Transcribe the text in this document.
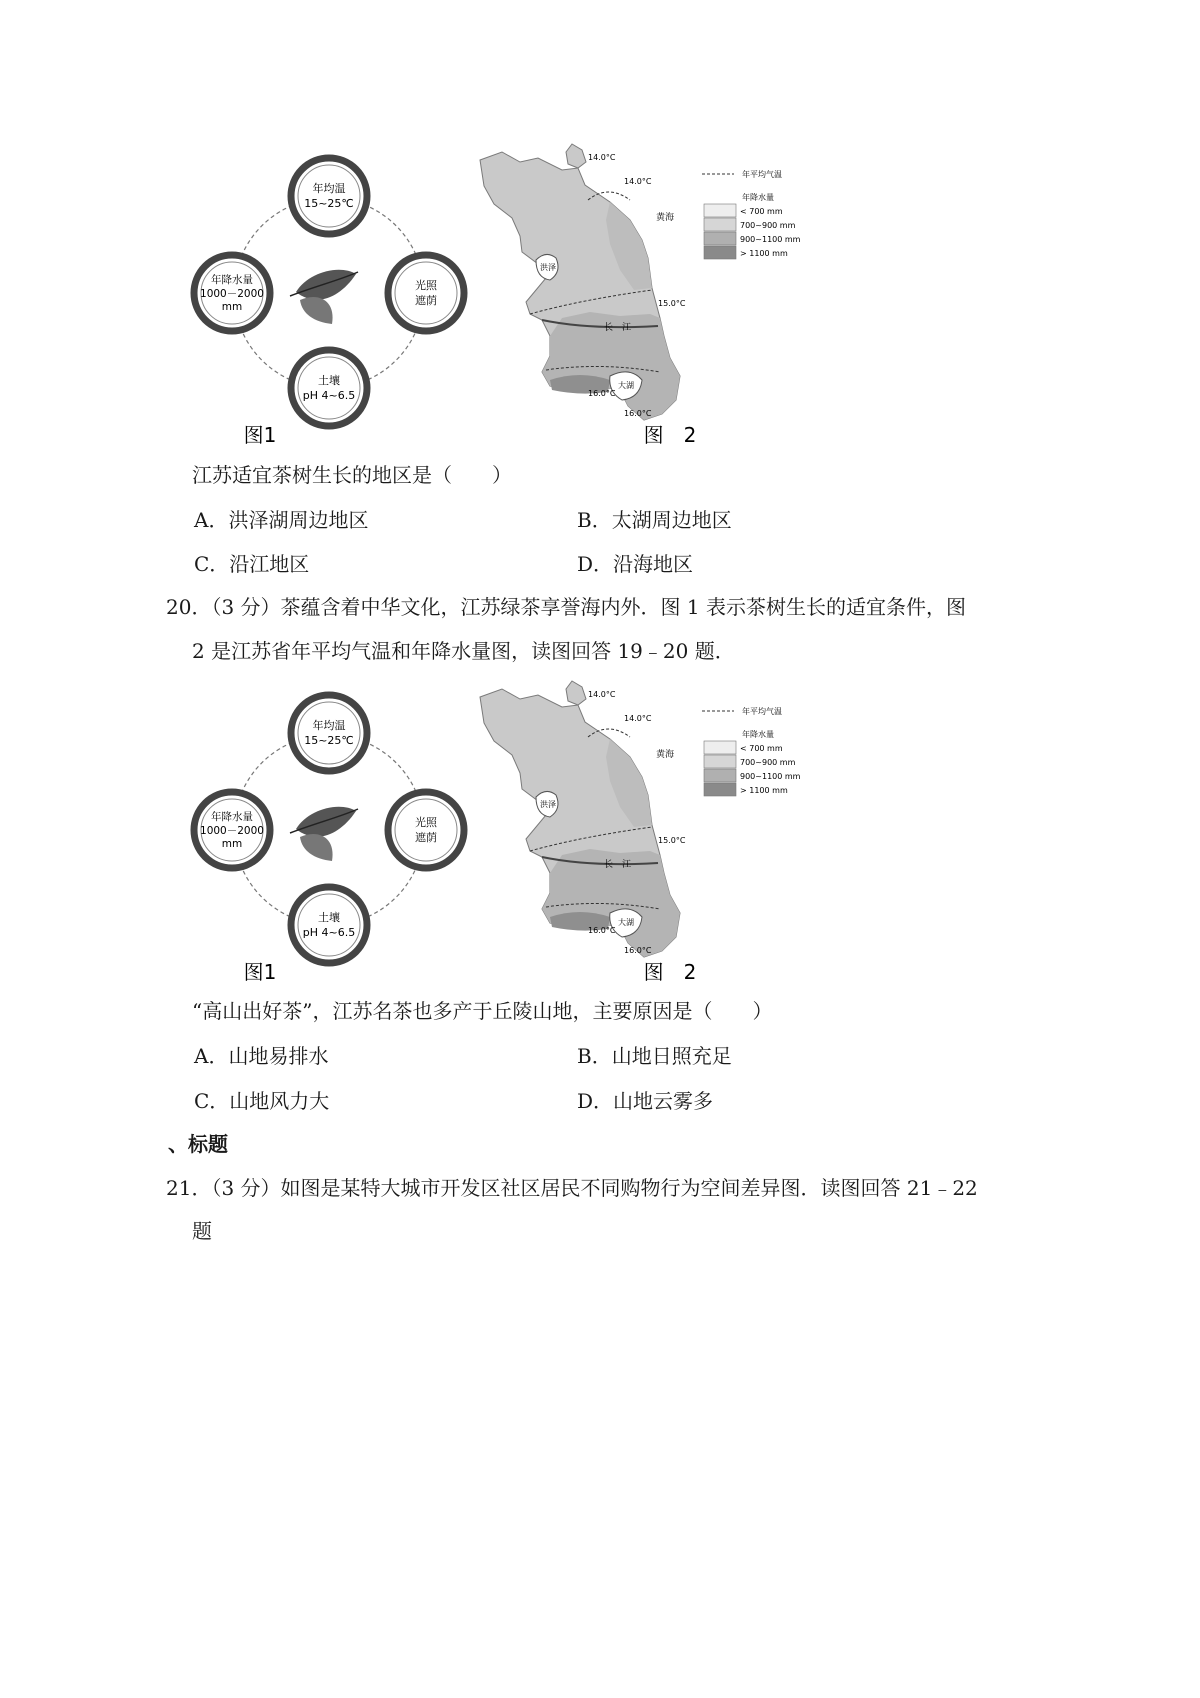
年均温
15~25℃
年降水量
1000－2000
mm
光照
遮荫
土壤
pH 4~6.5
图1
14.0°C
14.0°C
15.0°C
16.0°C
16.0°C
洪泽
长　江
大湖
黄海
年平均气温
年降水量
< 700 mm
700~900 mm
900~1100 mm
> 1100 mm
图　2
江苏适宜茶树生长的地区是（　　）
A．洪泽湖周边地区	B．太湖周边地区
C．沿江地区	D．沿海地区
20．（3 分）茶蕴含着中华文化，江苏绿茶享誉海内外．图 1 表示茶树生长的适宜条件，图
2 是江苏省年平均气温和年降水量图，读图回答 19﹣20 题．
年均温
15~25℃
年降水量
1000－2000
mm
光照
遮荫
土壤
pH 4~6.5
图1
14.0°C
14.0°C
15.0°C
16.0°C
16.0°C
洪泽
长　江
大湖
黄海
年平均气温
年降水量
< 700 mm
700~900 mm
900~1100 mm
> 1100 mm
图　2
“高山出好茶”，江苏名茶也多产于丘陵山地，主要原因是（　　）
A．山地易排水	B．山地日照充足
C．山地风力大	D．山地云雾多
、标题
21．（3 分）如图是某特大城市开发区社区居民不同购物行为空间差异图．读图回答 21﹣22
题
